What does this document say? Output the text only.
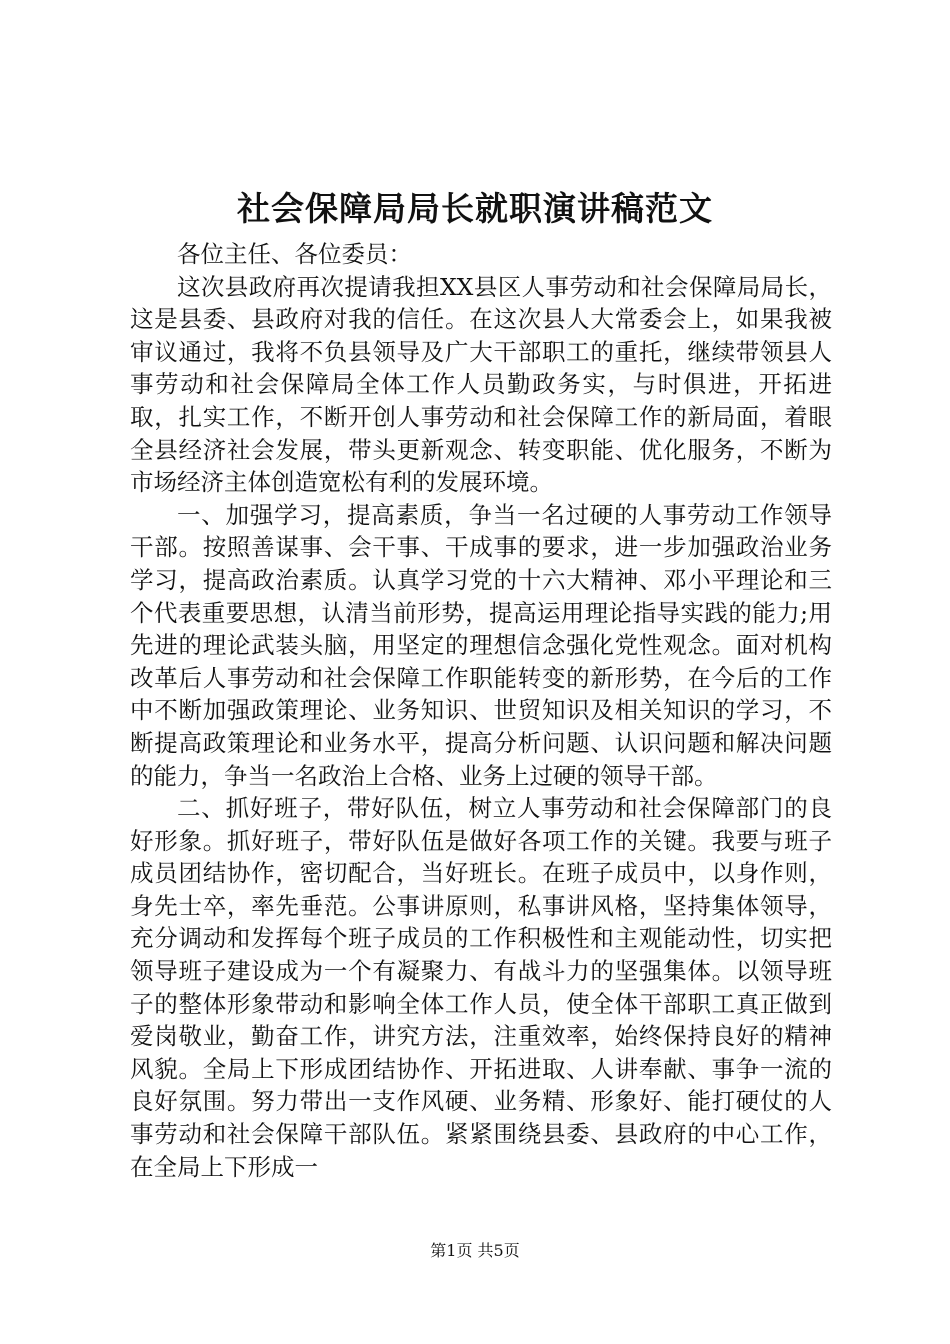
社会保障局局长就职演讲稿范文

各位主任、各位委员：

这次县政府再次提请我担XX县区人事劳动和社会保障局局长，这是县委、县政府对我的信任。在这次县人大常委会上，如果我被审议通过，我将不负县领导及广大干部职工的重托，继续带领县人事劳动和社会保障局全体工作人员勤政务实，与时俱进，开拓进取，扎实工作，不断开创人事劳动和社会保障工作的新局面，着眼全县经济社会发展，带头更新观念、转变职能、优化服务，不断为市场经济主体创造宽松有利的发展环境。

一、加强学习，提高素质，争当一名过硬的人事劳动工作领导干部。按照善谋事、会干事、干成事的要求，进一步加强政治业务学习，提高政治素质。认真学习党的十六大精神、邓小平理论和三个代表重要思想，认清当前形势，提高运用理论指导实践的能力;用先进的理论武装头脑，用坚定的理想信念强化党性观念。面对机构改革后人事劳动和社会保障工作职能转变的新形势，在今后的工作中不断加强政策理论、业务知识、世贸知识及相关知识的学习，不断提高政策理论和业务水平，提高分析问题、认识问题和解决问题的能力，争当一名政治上合格、业务上过硬的领导干部。

二、抓好班子，带好队伍，树立人事劳动和社会保障部门的良好形象。抓好班子，带好队伍是做好各项工作的关键。我要与班子成员团结协作，密切配合，当好班长。在班子成员中，以身作则，身先士卒，率先垂范。公事讲原则，私事讲风格，坚持集体领导，充分调动和发挥每个班子成员的工作积极性和主观能动性，切实把领导班子建设成为一个有凝聚力、有战斗力的坚强集体。以领导班子的整体形象带动和影响全体工作人员，使全体干部职工真正做到爱岗敬业，勤奋工作，讲究方法，注重效率，始终保持良好的精神风貌。全局上下形成团结协作、开拓进取、人讲奉献、事争一流的良好氛围。努力带出一支作风硬、业务精、形象好、能打硬仗的人事劳动和社会保障干部队伍。紧紧围绕县委、县政府的中心工作，在全局上下形成一

第1页 共5页
